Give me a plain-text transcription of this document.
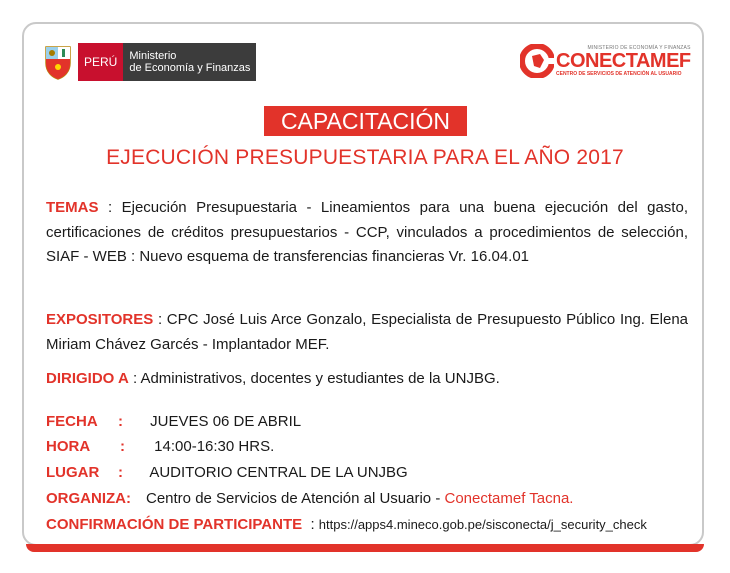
PERÚ	Ministerio
de Economía y Finanzas
MINISTERIO DE ECONOMÍA Y FINANZAS
CONECTAMEF
CENTRO DE SERVICIOS DE ATENCIÓN AL USUARIO
CAPACITACIÓN
EJECUCIÓN PRESUPUESTARIA PARA EL AÑO 2017
TEMAS : Ejecución Presupuestaria - Lineamientos para una buena ejecución del gasto, certificaciones de créditos presupuestarios - CCP, vinculados a procedimientos de selección, SIAF - WEB : Nuevo esquema de transferencias financieras Vr. 16.04.01
EXPOSITORES : CPC José Luis Arce Gonzalo, Especialista de Presupuesto Público Ing. Elena Miriam Chávez Garcés - Implantador MEF.
DIRIGIDO A : Administrativos, docentes y estudiantes de la UNJBG.
FECHA : JUEVES 06 DE ABRIL
HORA : 14:00-16:30 HRS.
LUGAR : AUDITORIO CENTRAL DE LA UNJBG
ORGANIZA: Centro de Servicios de Atención al Usuario - Conectamef Tacna.
CONFIRMACIÓN DE PARTICIPANTE  : https://apps4.mineco.gob.pe/sisconecta/j_security_check
